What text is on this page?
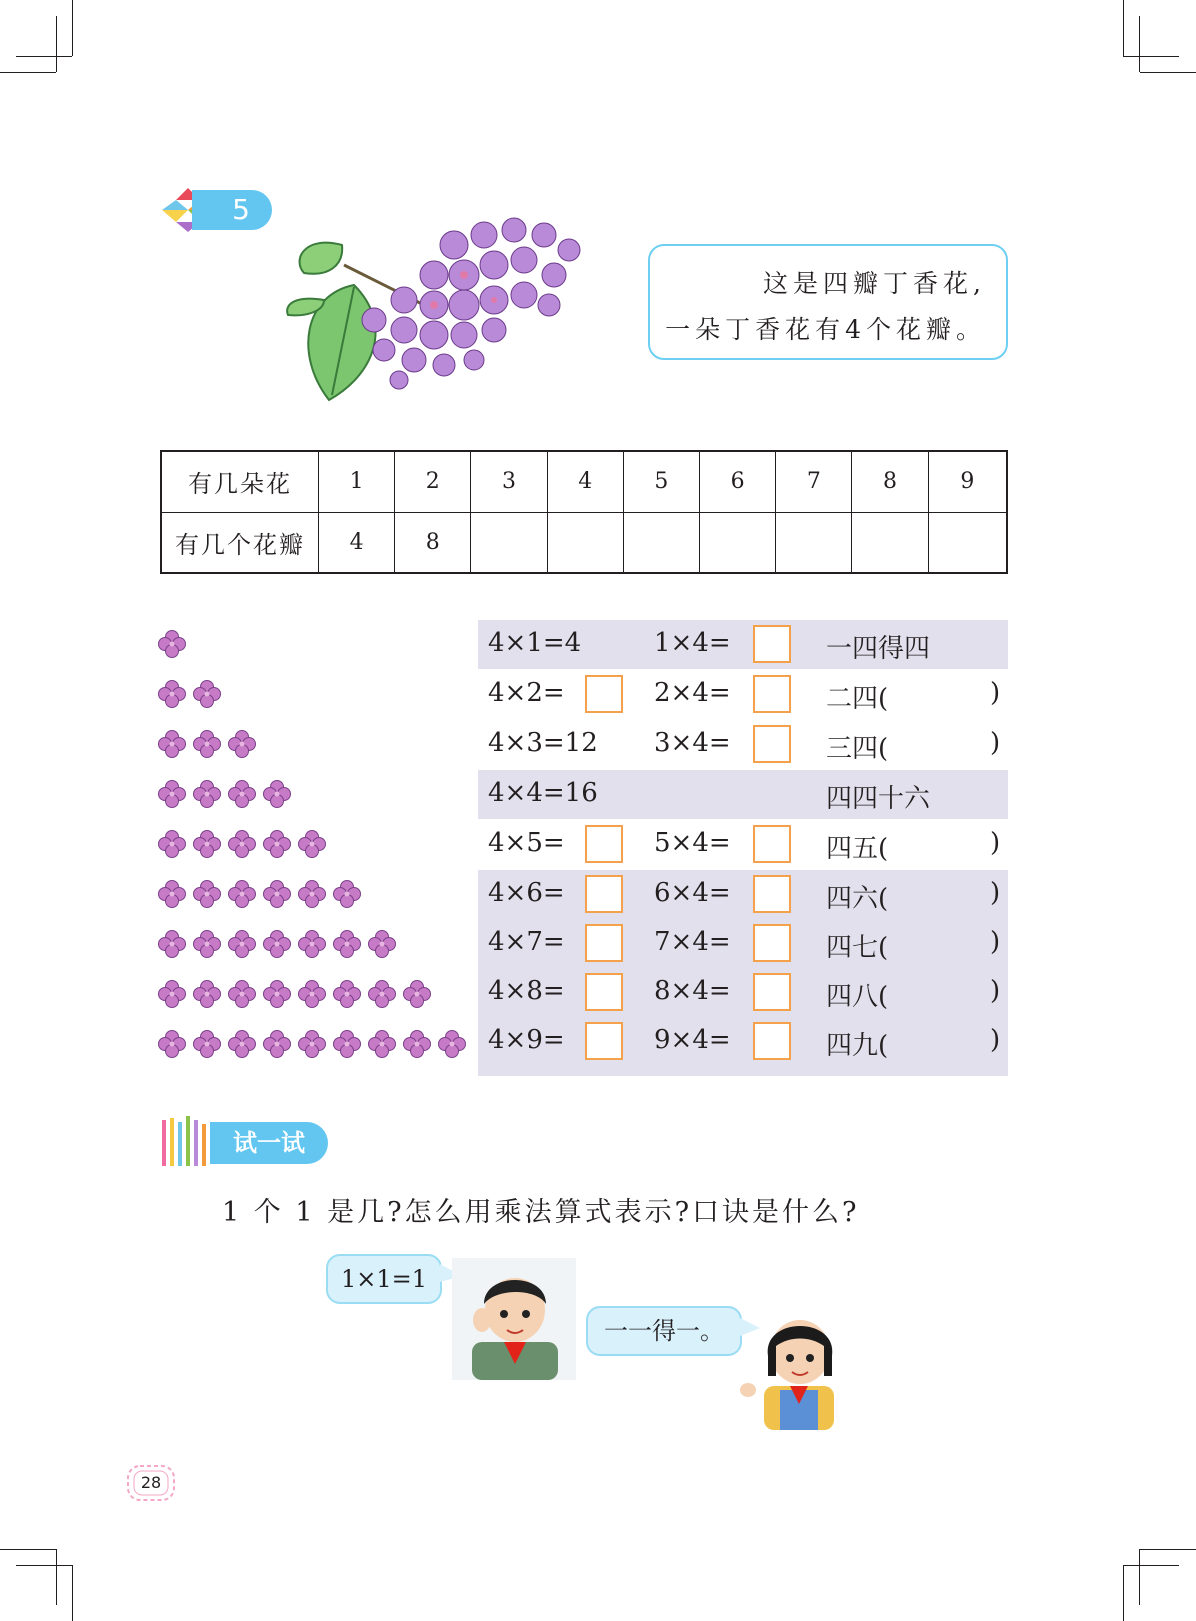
5
这是四瓣丁香花,
一朵丁香花有4个花瓣。
有几朵花	1	2	3	4	5	6	7	8	9
有几个花瓣	4	8							
4×1=4	1×4=	一四得四
4×2=	2×4=	二四(	)
4×3=12 3×4=	三四(	)
4×4=16	四四十六
4×5=	5×4=	四五(	)
4×6=	6×4=	四六(	)
4×7=	7×4=	四七(	)
4×8=	8×4=	四八(	)
4×9=	9×4=	四九(	)
试一试
1 个 1 是几?怎么用乘法算式表示?口诀是什么?
1×1=1
一一得一。
28
